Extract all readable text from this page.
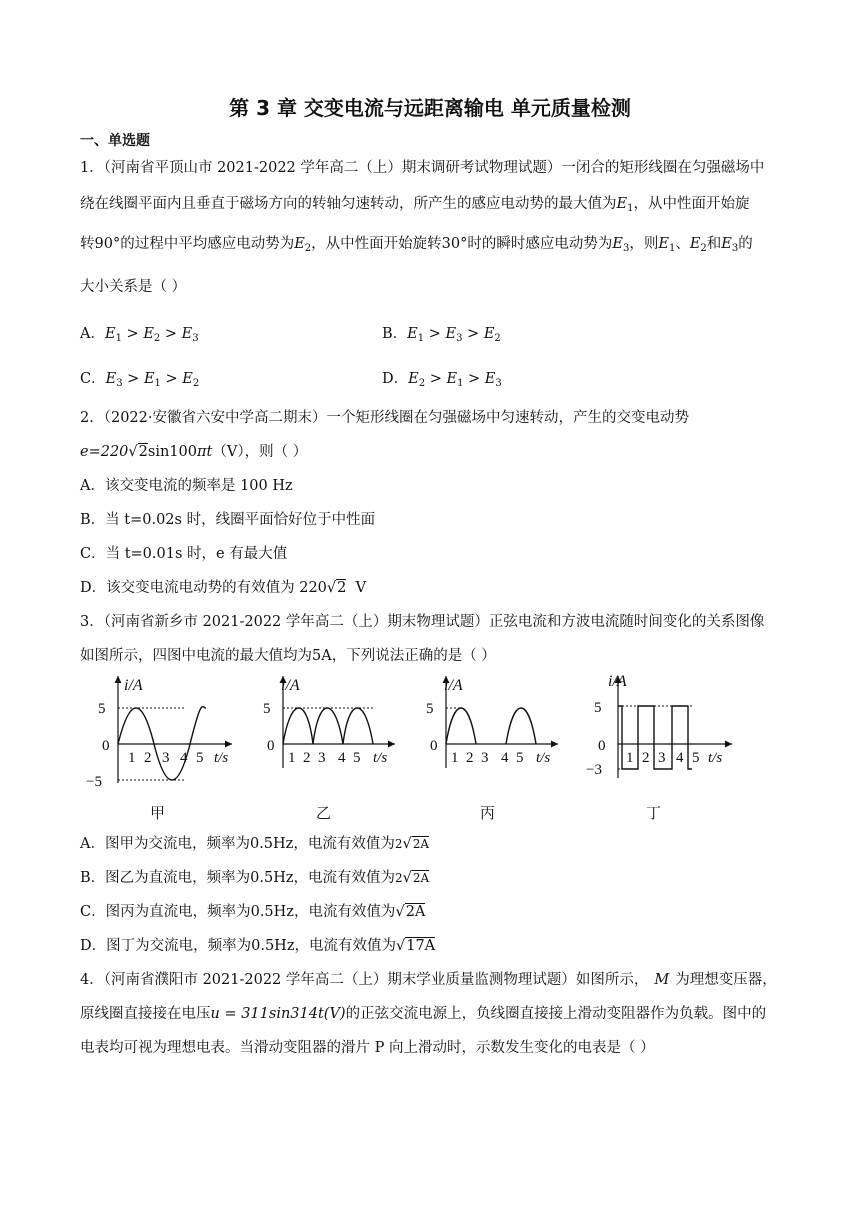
第 3 章 交变电流与远距离输电 单元质量检测
一、单选题
1．（河南省平顶山市 2021-2022 学年高二（上）期末调研考试物理试题）一闭合的矩形线圈在匀强磁场中
绕在线圈平面内且垂直于磁场方向的转轴匀速转动，所产生的感应电动势的最大值为$E_1$，从中性面开始旋
转90°的过程中平均感应电动势为$E_2$，从中性面开始旋转30°时的瞬时感应电动势为$E_3$，则$E_1$、$E_2$和$E_3$的
大小关系是（ ）
A．$E_1 > E_2 > E_3$	B．$E_1 > E_3 > E_2$
C．$E_3 > E_1 > E_2$	D．$E_2 > E_1 > E_3$
2．（2022·安徽省六安中学高二期末）一个矩形线圈在匀强磁场中匀速转动，产生的交变电动势
e=220√2sin100πt（V），则（ ）
A．该交变电流的频率是 100 Hz
B．当 t=0.02s 时，线圈平面恰好位于中性面
C．当 t=0.01s 时，e 有最大值
D．该交变电流电动势的有效值为 220√2 V
3．（河南省新乡市 2021-2022 学年高二（上）期末物理试题）正弦电流和方波电流随时间变化的关系图像
如图所示，四图中电流的最大值均为5A，下列说法正确的是（ ）
i/A
5
0
−5
1 2 3 4 5 t/s
i/A
5
0
1 2 3 4 5 t/s
i/A
5
0
1 2 3 4 5 t/s
i/A
5
0
−3
1 2 3 4 5 t/s
甲	乙	丙	丁
A．图甲为交流电，频率为0.5Hz，电流有效值为2√2A
B．图乙为直流电，频率为0.5Hz，电流有效值为2√2A
C．图丙为直流电，频率为0.5Hz，电流有效值为√2A
D．图丁为交流电，频率为0.5Hz，电流有效值为√17A
4．（河南省濮阳市 2021-2022 学年高二（上）期末学业质量监测物理试题）如图所示， M 为理想变压器，
原线圈直接接在电压u = 311sin314t(V)的正弦交流电源上，负线圈直接接上滑动变阻器作为负载。图中的
电表均可视为理想电表。当滑动变阻器的滑片 P 向上滑动时，示数发生变化的电表是（ ）
